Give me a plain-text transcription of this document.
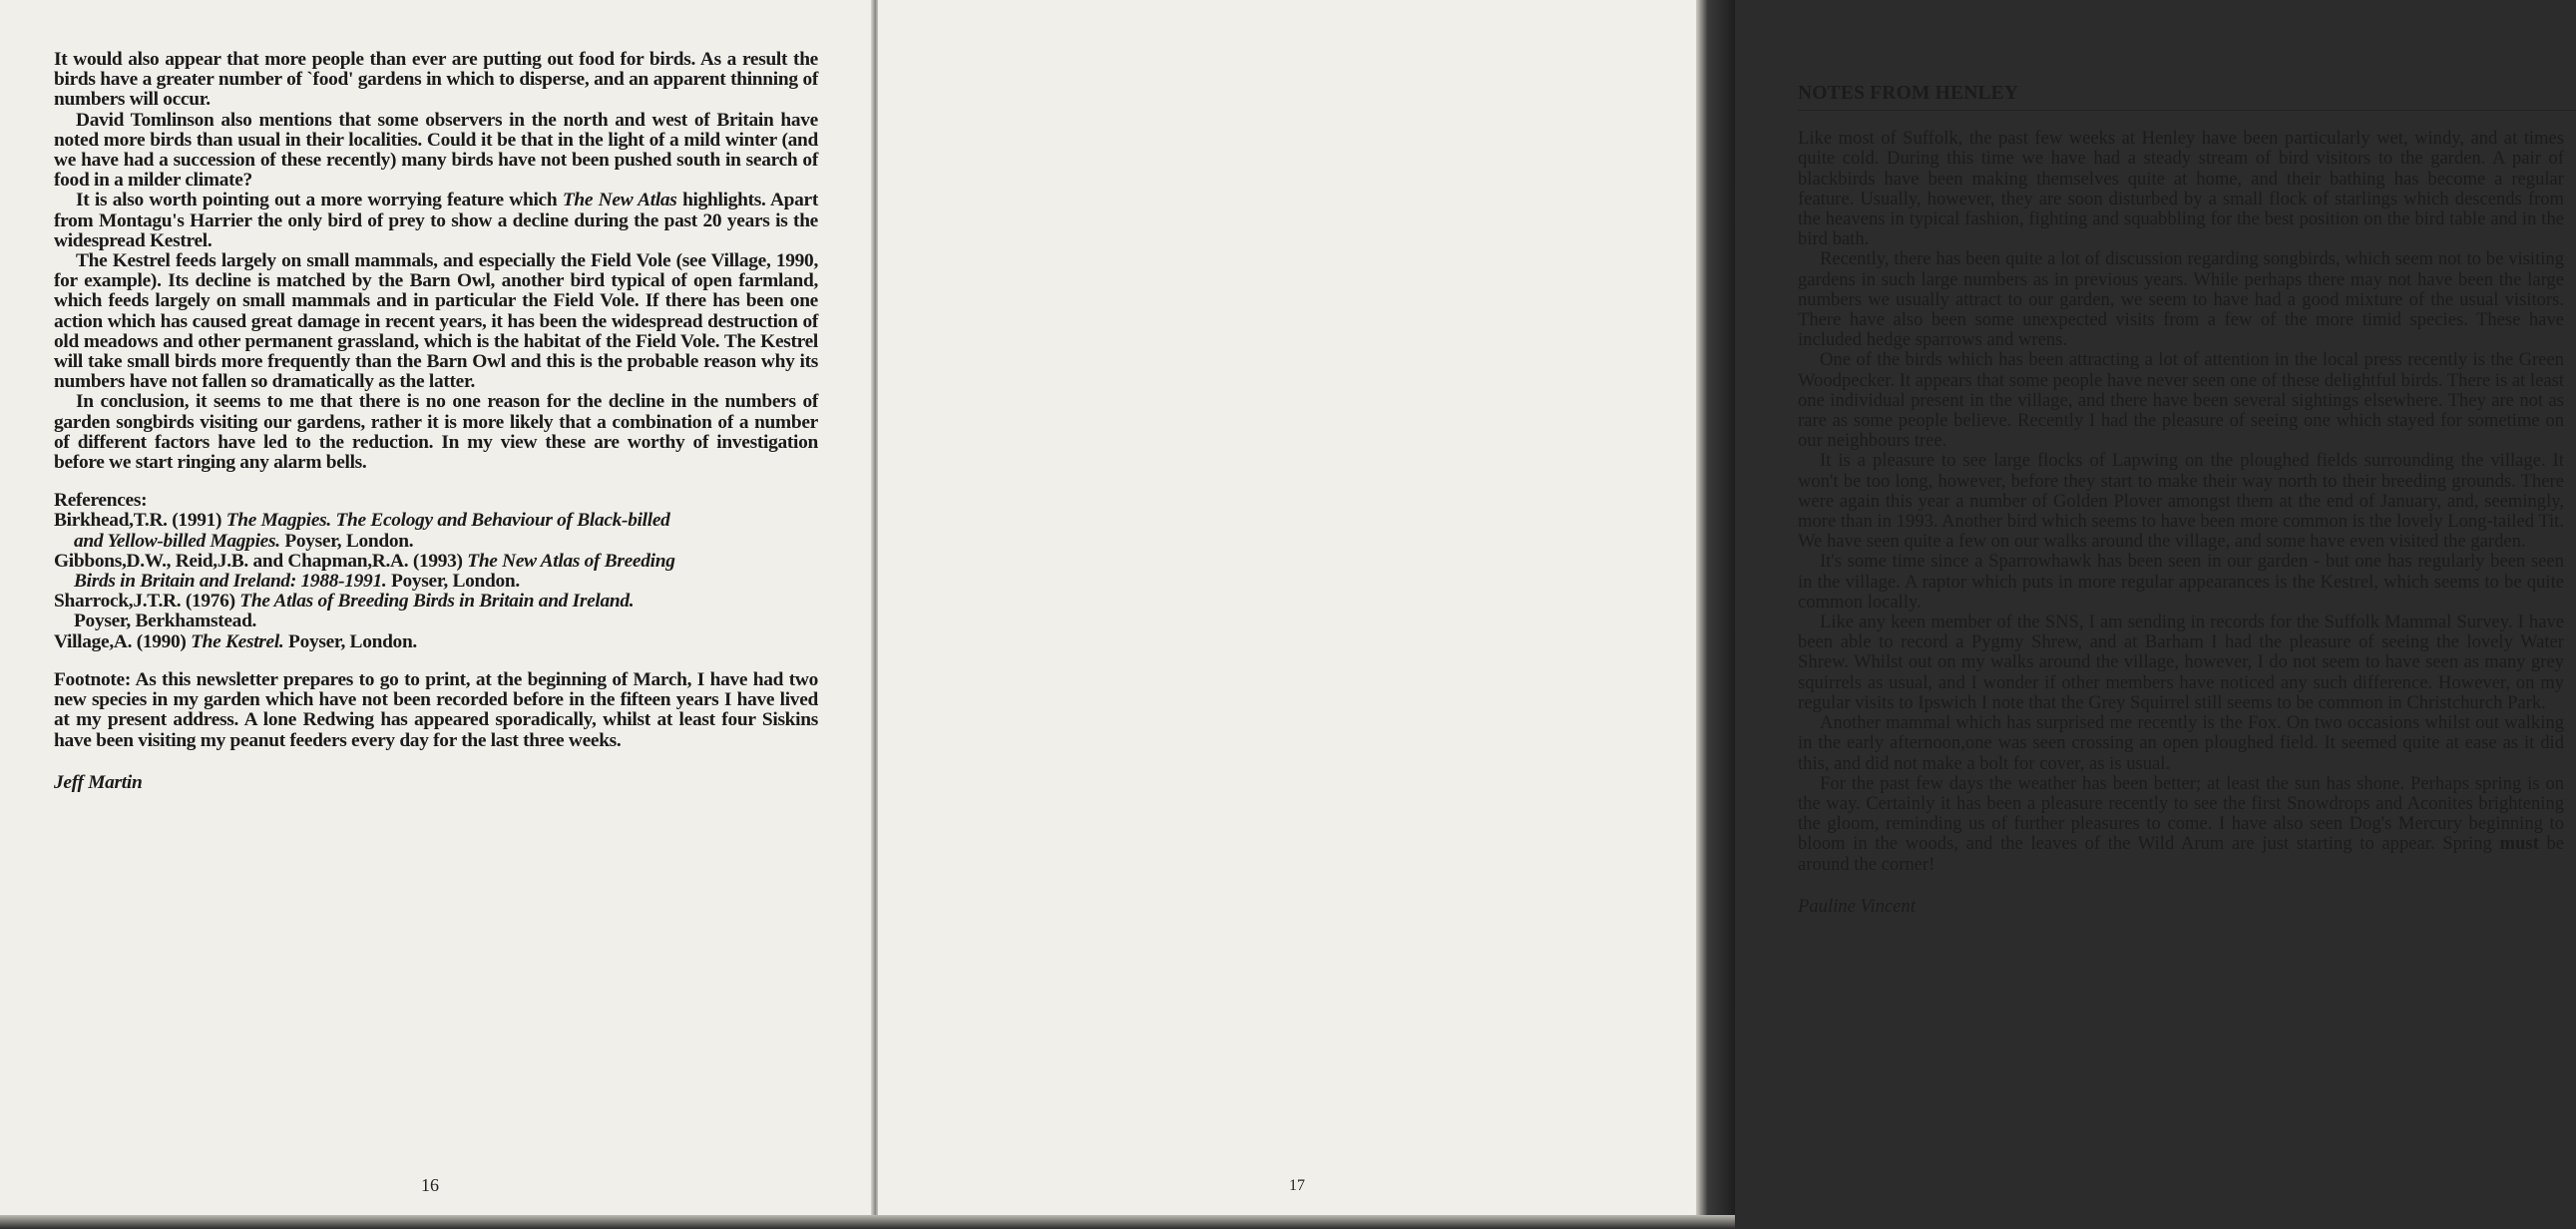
It would also appear that more people than ever are putting out food for birds. As a result the birds have a greater number of `food' gardens in which to disperse, and an apparent thinning of numbers will occur.

David Tomlinson also mentions that some observers in the north and west of Britain have noted more birds than usual in their localities. Could it be that in the light of a mild winter (and we have had a succession of these recently) many birds have not been pushed south in search of food in a milder climate?

It is also worth pointing out a more worrying feature which The New Atlas highlights. Apart from Montagu's Harrier the only bird of prey to show a decline during the past 20 years is the widespread Kestrel.

The Kestrel feeds largely on small mammals, and especially the Field Vole (see Village, 1990, for example). Its decline is matched by the Barn Owl, another bird typical of open farmland, which feeds largely on small mammals and in particular the Field Vole. If there has been one action which has caused great damage in recent years, it has been the widespread destruction of old meadows and other permanent grassland, which is the habitat of the Field Vole. The Kestrel will take small birds more frequently than the Barn Owl and this is the probable reason why its numbers have not fallen so dramatically as the latter.

In conclusion, it seems to me that there is no one reason for the decline in the numbers of garden songbirds visiting our gardens, rather it is more likely that a combination of a number of different factors have led to the reduction. In my view these are worthy of investigation before we start ringing any alarm bells.

References:

Birkhead,T.R. (1991) The Magpies. The Ecology and Behaviour of Black-billed
and Yellow-billed Magpies. Poyser, London.
Gibbons,D.W., Reid,J.B. and Chapman,R.A. (1993) The New Atlas of Breeding
Birds in Britain and Ireland: 1988-1991. Poyser, London.
Sharrock,J.T.R. (1976) The Atlas of Breeding Birds in Britain and Ireland.
Poyser, Berkhamstead.
Village,A. (1990) The Kestrel. Poyser, London.

Footnote: As this newsletter prepares to go to print, at the beginning of March, I have had two new species in my garden which have not been recorded before in the fifteen years I have lived at my present address. A lone Redwing has appeared sporadically, whilst at least four Siskins have been visiting my peanut feeders every day for the last three weeks.

Jeff Martin

16
NOTES FROM HENLEY

Like most of Suffolk, the past few weeks at Henley have been particularly wet, windy, and at times quite cold. During this time we have had a steady stream of bird visitors to the garden. A pair of blackbirds have been making themselves quite at home, and their bathing has become a regular feature. Usually, however, they are soon disturbed by a small flock of starlings which descends from the heavens in typical fashion, fighting and squabbling for the best position on the bird table and in the bird bath.

Recently, there has been quite a lot of discussion regarding songbirds, which seem not to be visiting gardens in such large numbers as in previous years. While perhaps there may not have been the large numbers we usually attract to our garden, we seem to have had a good mixture of the usual visitors. There have also been some unexpected visits from a few of the more timid species. These have included hedge sparrows and wrens.

One of the birds which has been attracting a lot of attention in the local press recently is the Green Woodpecker. It appears that some people have never seen one of these delightful birds. There is at least one individual present in the village, and there have been several sightings elsewhere. They are not as rare as some people believe. Recently I had the pleasure of seeing one which stayed for sometime on our neighbours tree.

It is a pleasure to see large flocks of Lapwing on the ploughed fields surrounding the village. It won't be too long, however, before they start to make their way north to their breeding grounds. There were again this year a number of Golden Plover amongst them at the end of January, and, seemingly, more than in 1993. Another bird which seems to have been more common is the lovely Long-tailed Tit. We have seen quite a few on our walks around the village, and some have even visited the garden.

It's some time since a Sparrowhawk has been seen in our garden - but one has regularly been seen in the village. A raptor which puts in more regular appearances is the Kestrel, which seems to be quite common locally.

Like any keen member of the SNS, I am sending in records for the Suffolk Mammal Survey. I have been able to record a Pygmy Shrew, and at Barham I had the pleasure of seeing the lovely Water Shrew. Whilst out on my walks around the village, however, I do not seem to have seen as many grey squirrels as usual, and I wonder if other members have noticed any such difference. However, on my regular visits to Ipswich I note that the Grey Squirrel still seems to be common in Christchurch Park.

Another mammal which has surprised me recently is the Fox. On two occasions whilst out walking in the early afternoon,one was seen crossing an open ploughed field. It seemed quite at ease as it did this, and did not make a bolt for cover, as is usual.

For the past few days the weather has been better; at least the sun has shone. Perhaps spring is on the way. Certainly it has been a pleasure recently to see the first Snowdrops and Aconites brightening the gloom, reminding us of further pleasures to come. I have also seen Dog's Mercury beginning to bloom in the woods, and the leaves of the Wild Arum are just starting to appear. Spring must be around the corner!

Pauline Vincent
17
